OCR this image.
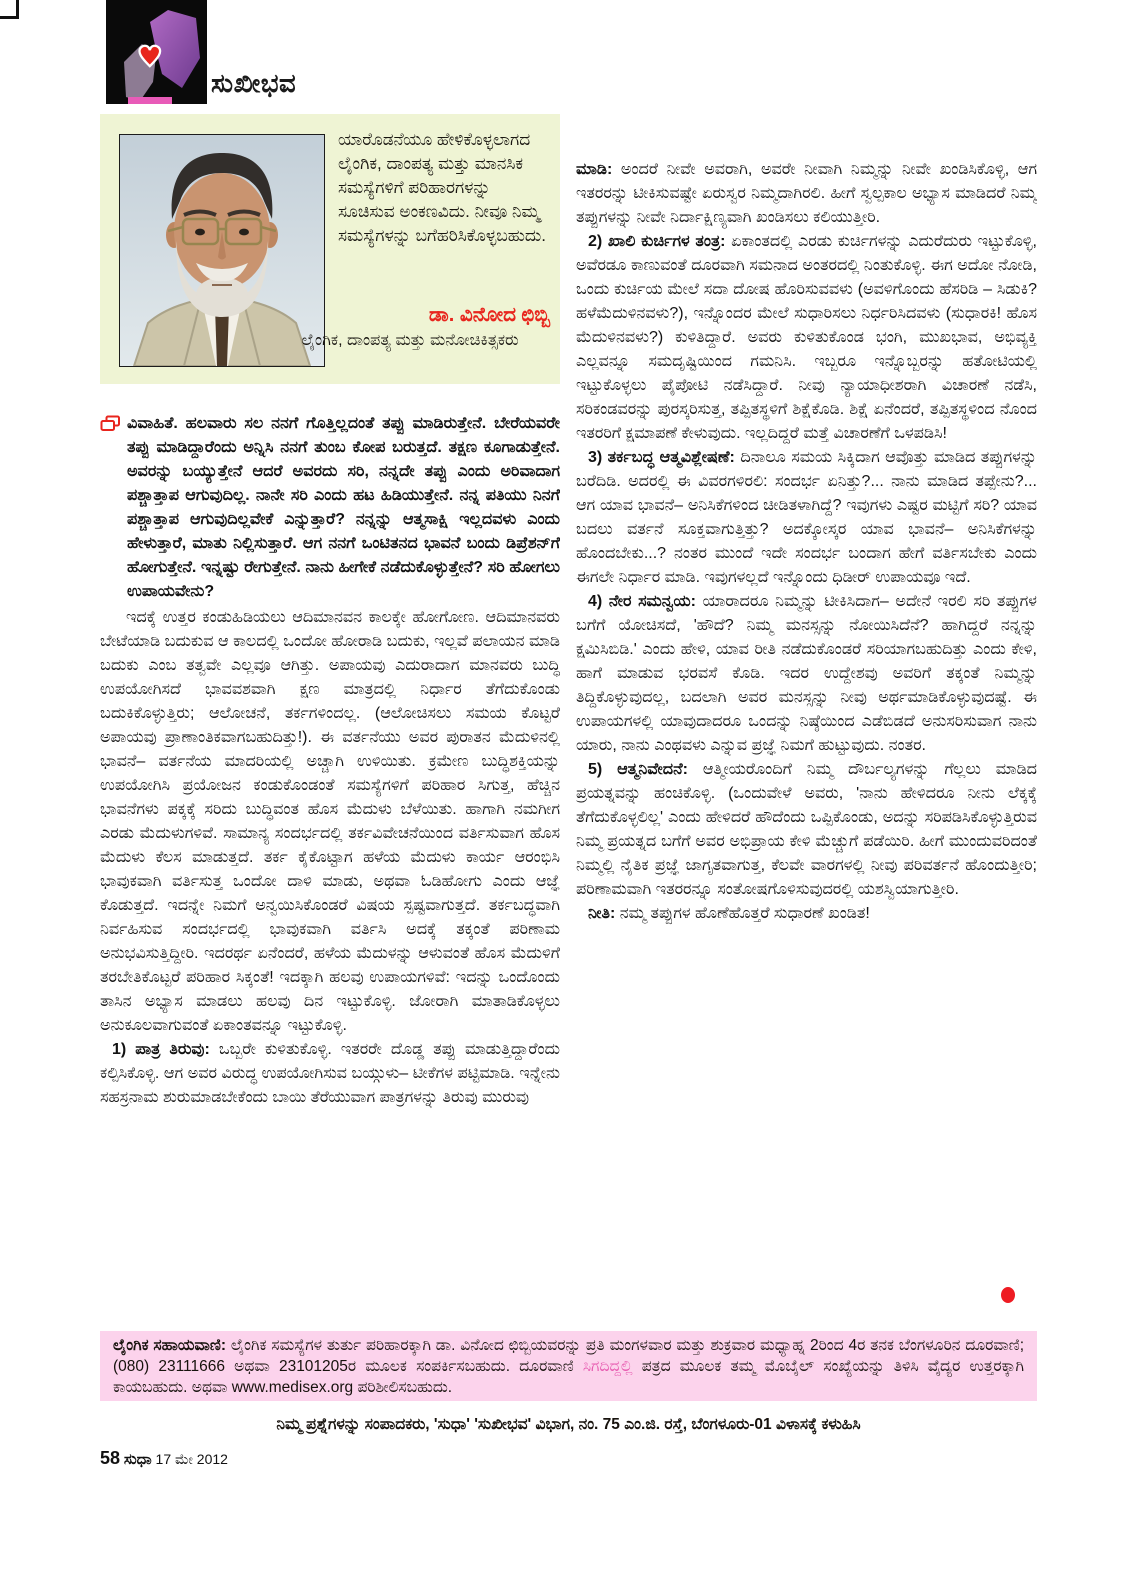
ಸುಖೀಭವ
ಯಾರೊಡನೆಯೂ ಹೇಳಿಕೊಳ್ಳಲಾಗದ ಲೈಂಗಿಕ, ದಾಂಪತ್ಯ ಮತ್ತು ಮಾನಸಿಕ ಸಮಸ್ಯೆಗಳಿಗೆ ಪರಿಹಾರಗಳನ್ನು ಸೂಚಿಸುವ ಅಂಕಣವಿದು. ನೀವೂ ನಿಮ್ಮ ಸಮಸ್ಯೆಗಳನ್ನು ಬಗೆಹರಿಸಿಕೊಳ್ಳಬಹುದು.
ಡಾ. ವಿನೋದ ಛಿಬ್ಬಿ
ಲೈಂಗಿಕ, ದಾಂಪತ್ಯ ಮತ್ತು ಮನೋಚಿಕಿತ್ಸಕರು

ವಿವಾಹಿತೆ. ಹಲವಾರು ಸಲ ನನಗೆ ಗೊತ್ತಿಲ್ಲದಂತೆ ತಪ್ಪು ಮಾಡಿರುತ್ತೇನೆ. ಬೇರೆಯವರೇ ತಪ್ಪು ಮಾಡಿದ್ದಾರೆಂದು ಅನ್ನಿಸಿ ನನಗೆ ತುಂಬ ಕೋಪ ಬರುತ್ತದೆ. ತಕ್ಷಣ ಕೂಗಾಡುತ್ತೇನೆ. ಅವರನ್ನು ಬಯ್ಯುತ್ತೇನೆ ಆದರೆ ಅವರದು ಸರಿ, ನನ್ನದೇ ತಪ್ಪು ಎಂದು ಅರಿವಾದಾಗ ಪಶ್ಚಾತ್ತಾಪ ಆಗುವುದಿಲ್ಲ. ನಾನೇ ಸರಿ ಎಂದು ಹಟ ಹಿಡಿಯುತ್ತೇನೆ. ನನ್ನ ಪತಿಯು ನಿನಗೆ ಪಶ್ಚಾತ್ತಾಪ ಆಗುವುದಿಲ್ಲವೇಕೆ ಎನ್ನುತ್ತಾರೆ? ನನ್ನನ್ನು ಆತ್ಮಸಾಕ್ಷಿ ಇಲ್ಲದವಳು ಎಂದು ಹೇಳುತ್ತಾರೆ, ಮಾತು ನಿಲ್ಲಿಸುತ್ತಾರೆ. ಆಗ ನನಗೆ ಒಂಟಿತನದ ಭಾವನೆ ಬಂದು ಡಿಪ್ರೆಶನ್‌ಗೆ ಹೋಗುತ್ತೇನೆ. ಇನ್ನಷ್ಟು ರೇಗುತ್ತೇನೆ. ನಾನು ಹೀಗೇಕೆ ನಡೆದುಕೊಳ್ಳುತ್ತೇನೆ? ಸರಿ ಹೋಗಲು ಉಪಾಯವೇನು?

ಇದಕ್ಕೆ ಉತ್ತರ ಕಂಡುಹಿಡಿಯಲು ಆದಿಮಾನವನ ಕಾಲಕ್ಕೇ ಹೋಗೋಣ. ಆದಿಮಾನವರು ಬೇಟೆಯಾಡಿ ಬದುಕುವ ಆ ಕಾಲದಲ್ಲಿ ಒಂದೋ ಹೋರಾಡಿ ಬದುಕು, ಇಲ್ಲವೆ ಪಲಾಯನ ಮಾಡಿ ಬದುಕು ಎಂಬ ತತ್ವವೇ ಎಲ್ಲವೂ ಆಗಿತ್ತು. ಅಪಾಯವು ಎದುರಾದಾಗ ಮಾನವರು ಬುದ್ಧಿ ಉಪಯೋಗಿಸದೆ ಭಾವವಶವಾಗಿ ಕ್ಷಣ ಮಾತ್ರದಲ್ಲಿ ನಿರ್ಧಾರ ತೆಗೆದುಕೊಂಡು ಬದುಕಿಕೊಳ್ಳುತ್ತಿರು; ಆಲೋಚನೆ, ತರ್ಕಗಳಿಂದಲ್ಲ. (ಆಲೋಚಿಸಲು ಸಮಯ ಕೊಟ್ಟರೆ ಅಪಾಯವು ಪ್ರಾಣಾಂತಿಕವಾಗಬಹುದಿತ್ತು!). ಈ ವರ್ತನೆಯು ಅವರ ಪುರಾತನ ಮೆದುಳಿನಲ್ಲಿ ಭಾವನೆ– ವರ್ತನೆಯ ಮಾದರಿಯಲ್ಲಿ ಅಚ್ಚಾಗಿ ಉಳಿಯಿತು. ಕ್ರಮೇಣ ಬುದ್ಧಿಶಕ್ತಿಯನ್ನು ಉಪಯೋಗಿಸಿ ಪ್ರಯೋಜನ ಕಂಡುಕೊಂಡಂತೆ ಸಮಸ್ಯೆಗಳಿಗೆ ಪರಿಹಾರ ಸಿಗುತ್ತ, ಹೆಚ್ಚಿನ ಭಾವನೆಗಳು ಪಕ್ಕಕ್ಕೆ ಸರಿದು ಬುದ್ಧಿವಂತ ಹೊಸ ಮೆದುಳು ಬೆಳೆಯಿತು. ಹಾಗಾಗಿ ನಮಗೀಗ ಎರಡು ಮೆದುಳುಗಳಿವೆ. ಸಾಮಾನ್ಯ ಸಂದರ್ಭದಲ್ಲಿ ತರ್ಕವಿವೇಚನೆಯಿಂದ ವರ್ತಿಸುವಾಗ ಹೊಸ ಮೆದುಳು ಕೆಲಸ ಮಾಡುತ್ತದೆ. ತರ್ಕ ಕೈಕೊಟ್ಟಾಗ ಹಳೆಯ ಮೆದುಳು ಕಾರ್ಯ ಆರಂಭಿಸಿ ಭಾವುಕವಾಗಿ ವರ್ತಿಸುತ್ತ ಒಂದೋ ದಾಳಿ ಮಾಡು, ಅಥವಾ ಓಡಿಹೋಗು ಎಂದು ಆಜ್ಞೆ ಕೊಡುತ್ತದೆ. ಇದನ್ನೇ ನಿಮಗೆ ಅನ್ವಯಿಸಿಕೊಂಡರೆ ವಿಷಯ ಸ್ಪಷ್ಟವಾಗುತ್ತದೆ. ತರ್ಕಬದ್ಧವಾಗಿ ನಿರ್ವಹಿಸುವ ಸಂದರ್ಭದಲ್ಲಿ ಭಾವುಕವಾಗಿ ವರ್ತಿಸಿ ಅದಕ್ಕೆ ತಕ್ಕಂತೆ ಪರಿಣಾಮ ಅನುಭವಿಸುತ್ತಿದ್ದೀರಿ. ಇದರರ್ಥ ಏನೆಂದರೆ, ಹಳೆಯ ಮೆದುಳನ್ನು ಆಳುವಂತೆ ಹೊಸ ಮೆದುಳಿಗೆ ತರಬೇತಿಕೊಟ್ಟರೆ ಪರಿಹಾರ ಸಿಕ್ಕಂತೆ! ಇದಕ್ಕಾಗಿ ಹಲವು ಉಪಾಯಗಳಿವೆ: ಇದನ್ನು ಒಂದೊಂದು ತಾಸಿನ ಅಭ್ಯಾಸ ಮಾಡಲು ಹಲವು ದಿನ ಇಟ್ಟುಕೊಳ್ಳಿ. ಜೋರಾಗಿ ಮಾತಾಡಿಕೊಳ್ಳಲು ಅನುಕೂಲವಾಗುವಂತೆ ಏಕಾಂತವನ್ನೂ ಇಟ್ಟುಕೊಳ್ಳಿ.

1) ಪಾತ್ರ ತಿರುವು: ಒಬ್ಬರೇ ಕುಳಿತುಕೊಳ್ಳಿ. ಇತರರೇ ದೊಡ್ಡ ತಪ್ಪು ಮಾಡುತ್ತಿದ್ದಾರೆಂದು ಕಲ್ಪಿಸಿಕೊಳ್ಳಿ. ಆಗ ಅವರ ವಿರುದ್ಧ ಉಪಯೋಗಿಸುವ ಬಯ್ಗುಳು– ಟೀಕೆಗಳ ಪಟ್ಟಿಮಾಡಿ. ಇನ್ನೇನು ಸಹಸ್ರನಾಮ ಶುರುಮಾಡಬೇಕೆಂದು ಬಾಯಿ ತೆರೆಯುವಾಗ ಪಾತ್ರಗಳನ್ನು ತಿರುವು ಮುರುವು

ಮಾಡಿ: ಅಂದರೆ ನೀವೇ ಅವರಾಗಿ, ಅವರೇ ನೀವಾಗಿ ನಿಮ್ಮನ್ನು ನೀವೇ ಖಂಡಿಸಿಕೊಳ್ಳಿ, ಆಗ ಇತರರನ್ನು ಟೀಕಿಸುವಷ್ಟೇ ಏರುಸ್ವರ ನಿಮ್ಮದಾಗಿರಲಿ. ಹೀಗೆ ಸ್ವಲ್ಪಕಾಲ ಅಭ್ಯಾಸ ಮಾಡಿದರೆ ನಿಮ್ಮ ತಪ್ಪುಗಳನ್ನು ನೀವೇ ನಿರ್ದಾಕ್ಷಿಣ್ಯವಾಗಿ ಖಂಡಿಸಲು ಕಲಿಯುತ್ತೀರಿ.

2) ಖಾಲಿ ಕುರ್ಚಿಗಳ ತಂತ್ರ: ಏಕಾಂತದಲ್ಲಿ ಎರಡು ಕುರ್ಚಿಗಳನ್ನು ಎದುರೆದುರು ಇಟ್ಟುಕೊಳ್ಳಿ, ಅವೆರಡೂ ಕಾಣುವಂತೆ ದೂರವಾಗಿ ಸಮನಾದ ಅಂತರದಲ್ಲಿ ನಿಂತುಕೊಳ್ಳಿ. ಈಗ ಅದೋ ನೋಡಿ, ಒಂದು ಕುರ್ಚಿಯ ಮೇಲೆ ಸದಾ ದೋಷ ಹೊರಿಸುವವಳು (ಅವಳಿಗೊಂದು ಹೆಸರಿಡಿ – ಸಿಡುಕಿ? ಹಳೆಮೆದುಳಿನವಳು?), ಇನ್ನೊಂದರ ಮೇಲೆ ಸುಧಾರಿಸಲು ನಿರ್ಧರಿಸಿದವಳು (ಸುಧಾರಕಿ! ಹೊಸ ಮೆದುಳಿನವಳು?) ಕುಳಿತಿದ್ದಾರೆ. ಅವರು ಕುಳಿತುಕೊಂಡ ಭಂಗಿ, ಮುಖಭಾವ, ಅಭಿವ್ಯಕ್ತಿ ಎಲ್ಲವನ್ನೂ ಸಮದೃಷ್ಟಿಯಿಂದ ಗಮನಿಸಿ. ಇಬ್ಬರೂ ಇನ್ನೊಬ್ಬರನ್ನು ಹತೋಟಿಯಲ್ಲಿ ಇಟ್ಟುಕೊಳ್ಳಲು ಪೈಪೋಟಿ ನಡೆಸಿದ್ದಾರೆ. ನೀವು ನ್ಯಾಯಾಧೀಶರಾಗಿ ವಿಚಾರಣೆ ನಡೆಸಿ, ಸರಿಕಂಡವರನ್ನು ಪುರಸ್ಕರಿಸುತ್ತ, ತಪ್ಪಿತಸ್ಥಳಿಗೆ ಶಿಕ್ಷೆಕೊಡಿ. ಶಿಕ್ಷೆ ಏನೆಂದರೆ, ತಪ್ಪಿತಸ್ಥಳಿಂದ ನೊಂದ ಇತರರಿಗೆ ಕ್ಷಮಾಪಣೆ ಕೇಳುವುದು. ಇಲ್ಲದಿದ್ದರೆ ಮತ್ತೆ ವಿಚಾರಣೆಗೆ ಒಳಪಡಿಸಿ!

3) ತರ್ಕಬದ್ಧ ಆತ್ಮವಿಶ್ಲೇಷಣೆ: ದಿನಾಲೂ ಸಮಯ ಸಿಕ್ಕಿದಾಗ ಆವೊತ್ತು ಮಾಡಿದ ತಪ್ಪುಗಳನ್ನು ಬರೆದಿಡಿ. ಅದರಲ್ಲಿ ಈ ವಿವರಗಳಿರಲಿ: ಸಂದರ್ಭ ಏನಿತ್ತು?... ನಾನು ಮಾಡಿದ ತಪ್ಪೇನು?... ಆಗ ಯಾವ ಭಾವನೆ– ಅನಿಸಿಕೆಗಳಿಂದ ಚೀಡಿತಳಾಗಿದ್ದೆ? ಇವುಗಳು ಎಷ್ಟರ ಮಟ್ಟಿಗೆ ಸರಿ? ಯಾವ ಬದಲು ವರ್ತನೆ ಸೂಕ್ತವಾಗುತ್ತಿತ್ತು? ಅದಕ್ಕೋಸ್ಕರ ಯಾವ ಭಾವನೆ– ಅನಿಸಿಕೆಗಳನ್ನು ಹೊಂದಬೇಕು...? ನಂತರ ಮುಂದೆ ಇದೇ ಸಂದರ್ಭ ಬಂದಾಗ ಹೇಗೆ ವರ್ತಿಸಬೇಕು ಎಂದು ಈಗಲೇ ನಿರ್ಧಾರ ಮಾಡಿ. ಇವುಗಳಲ್ಲದೆ ಇನ್ನೊಂದು ಧಿಡೀರ್ ಉಪಾಯವೂ ಇದೆ.

4) ನೇರ ಸಮನ್ವಯ: ಯಾರಾದರೂ ನಿಮ್ಮನ್ನು ಟೀಕಿಸಿದಾಗ– ಅದೇನೆ ಇರಲಿ ಸರಿ ತಪ್ಪುಗಳ ಬಗೆಗೆ ಯೋಚಿಸದೆ, 'ಹೌದೆ? ನಿಮ್ಮ ಮನಸ್ಸನ್ನು ನೋಯಿಸಿದೆನೆ? ಹಾಗಿದ್ದರೆ ನನ್ನನ್ನು ಕ್ಷಮಿಸಿಬಿಡಿ.' ಎಂದು ಹೇಳಿ, ಯಾವ ರೀತಿ ನಡೆದುಕೊಂಡರೆ ಸರಿಯಾಗಬಹುದಿತ್ತು ಎಂದು ಕೇಳಿ, ಹಾಗೆ ಮಾಡುವ ಭರವಸೆ ಕೊಡಿ. ಇದರ ಉದ್ದೇಶವು ಅವರಿಗೆ ತಕ್ಕಂತೆ ನಿಮ್ಮನ್ನು ತಿದ್ದಿಕೊಳ್ಳುವುದಲ್ಲ, ಬದಲಾಗಿ ಅವರ ಮನಸ್ಸನ್ನು ನೀವು ಅರ್ಥಮಾಡಿಕೊಳ್ಳುವುದಷ್ಟೆ. ಈ ಉಪಾಯಗಳಲ್ಲಿ ಯಾವುದಾದರೂ ಒಂದನ್ನು ನಿಷ್ಠೆಯಿಂದ ಎಡೆಬಿಡದೆ ಅನುಸರಿಸುವಾಗ ನಾನು ಯಾರು, ನಾನು ಎಂಥವಳು ಎನ್ನುವ ಪ್ರಜ್ಞೆ ನಿಮಗೆ ಹುಟ್ಟುವುದು. ನಂತರ.

5) ಆತ್ಮನಿವೇದನೆ: ಆತ್ಮೀಯರೊಂದಿಗೆ ನಿಮ್ಮ ದೌರ್ಬಲ್ಯಗಳನ್ನು ಗೆಲ್ಲಲು ಮಾಡಿದ ಪ್ರಯತ್ನವನ್ನು ಹಂಚಿಕೊಳ್ಳಿ. (ಒಂದುವೇಳೆ ಅವರು, 'ನಾನು ಹೇಳಿದರೂ ನೀನು ಲೆಕ್ಕಕ್ಕೆ ತೆಗೆದುಕೊಳ್ಳಲಿಲ್ಲ' ಎಂದು ಹೇಳಿದರೆ ಹೌದೆಂದು ಒಪ್ಪಿಕೊಂಡು, ಅದನ್ನು ಸರಿಪಡಿಸಿಕೊಳ್ಳುತ್ತಿರುವ ನಿಮ್ಮ ಪ್ರಯತ್ನದ ಬಗೆಗೆ ಅವರ ಅಭಿಪ್ರಾಯ ಕೇಳಿ ಮೆಚ್ಚುಗೆ ಪಡೆಯಿರಿ. ಹೀಗೆ ಮುಂದುವರಿದಂತೆ ನಿಮ್ಮಲ್ಲಿ ನೈತಿಕ ಪ್ರಜ್ಞೆ ಜಾಗೃತವಾಗುತ್ತ, ಕೆಲವೇ ವಾರಗಳಲ್ಲಿ ನೀವು ಪರಿವರ್ತನೆ ಹೊಂದುತ್ತೀರಿ; ಪರಿಣಾಮವಾಗಿ ಇತರರನ್ನೂ ಸಂತೋಷಗೊಳಿಸುವುದರಲ್ಲಿ ಯಶಸ್ವಿಯಾಗುತ್ತೀರಿ.

ನೀತಿ: ನಮ್ಮ ತಪ್ಪುಗಳ ಹೊಣೆಹೊತ್ತರೆ ಸುಧಾರಣೆ ಖಂಡಿತ!

ಲೈಂಗಿಕ ಸಹಾಯವಾಣಿ: ಲೈಂಗಿಕ ಸಮಸ್ಯೆಗಳ ತುರ್ತು ಪರಿಹಾರಕ್ಕಾಗಿ ಡಾ. ವಿನೋದ ಛಿಬ್ಬಿಯವರನ್ನು ಪ್ರತಿ ಮಂಗಳವಾರ ಮತ್ತು ಶುಕ್ರವಾರ ಮಧ್ಯಾಹ್ನ 2ರಿಂದ 4ರ ತನಕ ಬೆಂಗಳೂರಿನ ದೂರವಾಣಿ; (080) 23111666 ಅಥವಾ 23101205ರ ಮೂಲಕ ಸಂಪರ್ಕಿಸಬಹುದು. ದೂರವಾಣಿ ಸಿಗದಿದ್ದಲ್ಲಿ ಪತ್ರದ ಮೂಲಕ ತಮ್ಮ ಮೊಬೈಲ್ ಸಂಖ್ಯೆಯನ್ನು ತಿಳಿಸಿ ವೈದ್ಯರ ಉತ್ತರಕ್ಕಾಗಿ ಕಾಯಬಹುದು. ಅಥವಾ www.medisex.org ಪರಿಶೀಲಿಸಬಹುದು.

ನಿಮ್ಮ ಪ್ರಶ್ನೆಗಳನ್ನು ಸಂಪಾದಕರು, 'ಸುಧಾ' 'ಸುಖೀಭವ' ವಿಭಾಗ, ನಂ. 75 ಎಂ.ಜಿ. ರಸ್ತೆ, ಬೆಂಗಳೂರು-01 ವಿಳಾಸಕ್ಕೆ ಕಳುಹಿಸಿ
58 ಸುಧಾ 17 ಮೇ 2012
